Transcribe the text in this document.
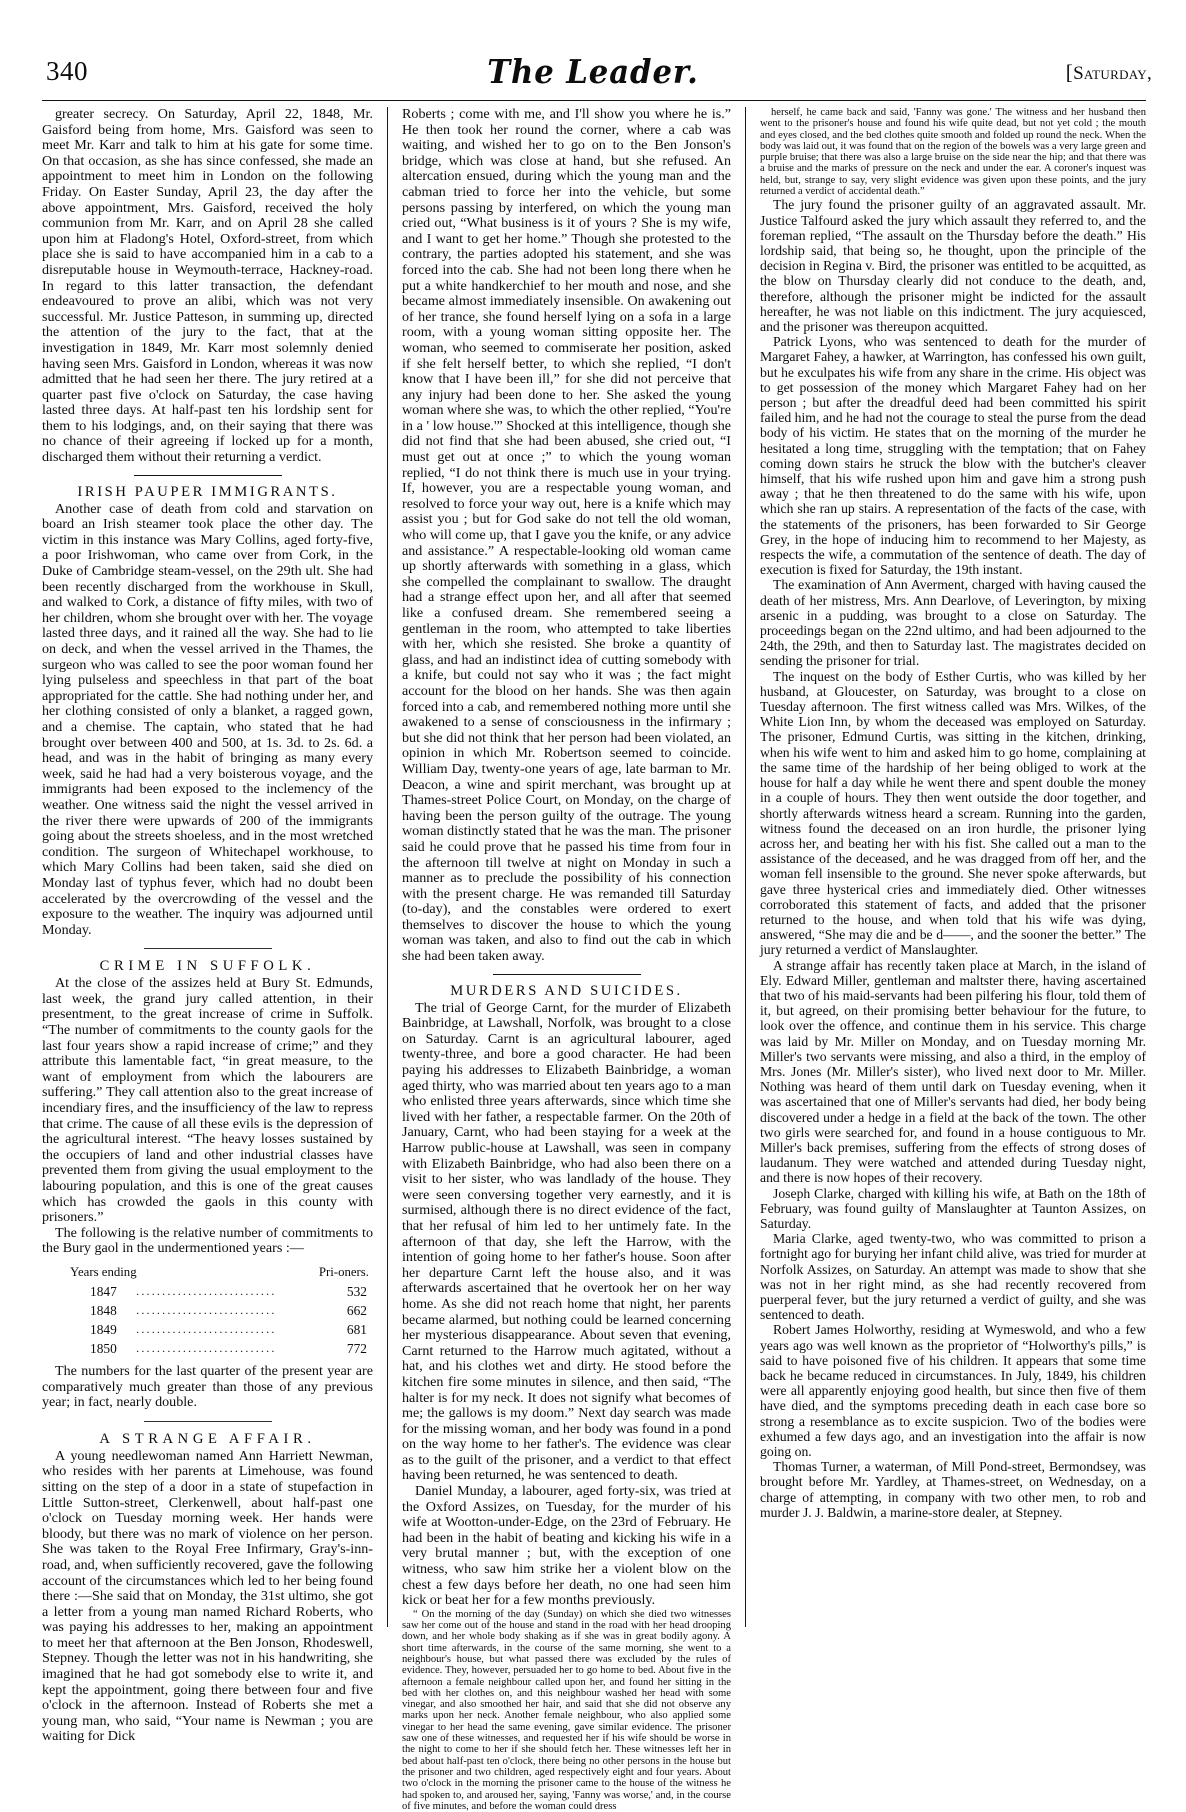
340	The Leader.	[Saturday,

greater secrecy. On Saturday, April 22, 1848, Mr. Gaisford being from home, Mrs. Gaisford was seen to meet Mr. Karr and talk to him at his gate for some time. On that occasion, as she has since confessed, she made an appointment to meet him in London on the following Friday. On Easter Sunday, April 23, the day after the above appointment, Mrs. Gaisford, received the holy communion from Mr. Karr, and on April 28 she called upon him at Fladong's Hotel, Oxford-street, from which place she is said to have accompanied him in a cab to a disreputable house in Weymouth-terrace, Hackney-road. In regard to this latter transaction, the defendant endeavoured to prove an alibi, which was not very successful. Mr. Justice Patteson, in summing up, directed the attention of the jury to the fact, that at the investigation in 1849, Mr. Karr most solemnly denied having seen Mrs. Gaisford in London, whereas it was now admitted that he had seen her there. The jury retired at a quarter past five o'clock on Saturday, the case having lasted three days. At half-past ten his lordship sent for them to his lodgings, and, on their saying that there was no chance of their agreeing if locked up for a month, discharged them without their returning a verdict.

IRISH PAUPER IMMIGRANTS.

Another case of death from cold and starvation on board an Irish steamer took place the other day. The victim in this instance was Mary Collins, aged forty-five, a poor Irishwoman, who came over from Cork, in the Duke of Cambridge steam-vessel, on the 29th ult. She had been recently discharged from the workhouse in Skull, and walked to Cork, a distance of fifty miles, with two of her children, whom she brought over with her. The voyage lasted three days, and it rained all the way. She had to lie on deck, and when the vessel arrived in the Thames, the surgeon who was called to see the poor woman found her lying pulseless and speechless in that part of the boat appropriated for the cattle. She had nothing under her, and her clothing consisted of only a blanket, a ragged gown, and a chemise. The captain, who stated that he had brought over between 400 and 500, at 1s. 3d. to 2s. 6d. a head, and was in the habit of bringing as many every week, said he had had a very boisterous voyage, and the immigrants had been exposed to the inclemency of the weather. One witness said the night the vessel arrived in the river there were upwards of 200 of the immigrants going about the streets shoeless, and in the most wretched condition. The surgeon of Whitechapel workhouse, to which Mary Collins had been taken, said she died on Monday last of typhus fever, which had no doubt been accelerated by the overcrowding of the vessel and the exposure to the weather. The inquiry was adjourned until Monday.

CRIME IN SUFFOLK.

At the close of the assizes held at Bury St. Edmunds, last week, the grand jury called attention, in their presentment, to the great increase of crime in Suffolk. “The number of commitments to the county gaols for the last four years show a rapid increase of crime;” and they attribute this lamentable fact, “in great measure, to the want of employment from which the labourers are suffering.” They call attention also to the great increase of incendiary fires, and the insufficiency of the law to repress that crime. The cause of all these evils is the depression of the agricultural interest. “The heavy losses sustained by the occupiers of land and other industrial classes have prevented them from giving the usual employment to the labouring population, and this is one of the great causes which has crowded the gaols in this county with prisoners.”

The following is the relative number of commitments to the Bury gaol in the undermentioned years :—

Years ending		Pri-oners.
1847	...........................	532
1848	...........................	662
1849	...........................	681
1850	...........................	772

The numbers for the last quarter of the present year are comparatively much greater than those of any previous year; in fact, nearly double.

A STRANGE AFFAIR.

A young needlewoman named Ann Harriett Newman, who resides with her parents at Limehouse, was found sitting on the step of a door in a state of stupefaction in Little Sutton-street, Clerkenwell, about half-past one o'clock on Tuesday morning week. Her hands were bloody, but there was no mark of violence on her person. She was taken to the Royal Free Infirmary, Gray's-inn-road, and, when sufficiently recovered, gave the following account of the circumstances which led to her being found there :—She said that on Monday, the 31st ultimo, she got a letter from a young man named Richard Roberts, who was paying his addresses to her, making an appointment to meet her that afternoon at the Ben Jonson, Rhodeswell, Stepney. Though the letter was not in his handwriting, she imagined that he had got somebody else to write it, and kept the appointment, going there between four and five o'clock in the afternoon. Instead of Roberts she met a young man, who said, “Your name is Newman ; you are waiting for Dick

Roberts ; come with me, and I'll show you where he is.” He then took her round the corner, where a cab was waiting, and wished her to go on to the Ben Jonson's bridge, which was close at hand, but she refused. An altercation ensued, during which the young man and the cabman tried to force her into the vehicle, but some persons passing by interfered, on which the young man cried out, “What business is it of yours ? She is my wife, and I want to get her home.” Though she protested to the contrary, the parties adopted his statement, and she was forced into the cab. She had not been long there when he put a white handkerchief to her mouth and nose, and she became almost immediately insensible. On awakening out of her trance, she found herself lying on a sofa in a large room, with a young woman sitting opposite her. The woman, who seemed to commiserate her position, asked if she felt herself better, to which she replied, “I don't know that I have been ill,” for she did not perceive that any injury had been done to her. She asked the young woman where she was, to which the other replied, “You're in a ' low house.'” Shocked at this intelligence, though she did not find that she had been abused, she cried out, “I must get out at once ;” to which the young woman replied, “I do not think there is much use in your trying. If, however, you are a respectable young woman, and resolved to force your way out, here is a knife which may assist you ; but for God sake do not tell the old woman, who will come up, that I gave you the knife, or any advice and assistance.” A respectable-looking old woman came up shortly afterwards with something in a glass, which she compelled the complainant to swallow. The draught had a strange effect upon her, and all after that seemed like a confused dream. She remembered seeing a gentleman in the room, who attempted to take liberties with her, which she resisted. She broke a quantity of glass, and had an indistinct idea of cutting somebody with a knife, but could not say who it was ; the fact might account for the blood on her hands. She was then again forced into a cab, and remembered nothing more until she awakened to a sense of consciousness in the infirmary ; but she did not think that her person had been violated, an opinion in which Mr. Robertson seemed to coincide. William Day, twenty-one years of age, late barman to Mr. Deacon, a wine and spirit merchant, was brought up at Thames-street Police Court, on Monday, on the charge of having been the person guilty of the outrage. The young woman distinctly stated that he was the man. The prisoner said he could prove that he passed his time from four in the afternoon till twelve at night on Monday in such a manner as to preclude the possibility of his connection with the present charge. He was remanded till Saturday (to-day), and the constables were ordered to exert themselves to discover the house to which the young woman was taken, and also to find out the cab in which she had been taken away.

MURDERS AND SUICIDES.

The trial of George Carnt, for the murder of Elizabeth Bainbridge, at Lawshall, Norfolk, was brought to a close on Saturday. Carnt is an agricultural labourer, aged twenty-three, and bore a good character. He had been paying his addresses to Elizabeth Bainbridge, a woman aged thirty, who was married about ten years ago to a man who enlisted three years afterwards, since which time she lived with her father, a respectable farmer. On the 20th of January, Carnt, who had been staying for a week at the Harrow public-house at Lawshall, was seen in company with Elizabeth Bainbridge, who had also been there on a visit to her sister, who was landlady of the house. They were seen conversing together very earnestly, and it is surmised, although there is no direct evidence of the fact, that her refusal of him led to her untimely fate. In the afternoon of that day, she left the Harrow, with the intention of going home to her father's house. Soon after her departure Carnt left the house also, and it was afterwards ascertained that he overtook her on her way home. As she did not reach home that night, her parents became alarmed, but nothing could be learned concerning her mysterious disappearance. About seven that evening, Carnt returned to the Harrow much agitated, without a hat, and his clothes wet and dirty. He stood before the kitchen fire some minutes in silence, and then said, “The halter is for my neck. It does not signify what becomes of me; the gallows is my doom.” Next day search was made for the missing woman, and her body was found in a pond on the way home to her father's. The evidence was clear as to the guilt of the prisoner, and a verdict to that effect having been returned, he was sentenced to death.

Daniel Munday, a labourer, aged forty-six, was tried at the Oxford Assizes, on Tuesday, for the murder of his wife at Wootton-under-Edge, on the 23rd of February. He had been in the habit of beating and kicking his wife in a very brutal manner ; but, with the exception of one witness, who saw him strike her a violent blow on the chest a few days before her death, no one had seen him kick or beat her for a few months previously.

“ On the morning of the day (Sunday) on which she died two witnesses saw her come out of the house and stand in the road with her head drooping down, and her whole body shaking as if she was in great bodily agony. A short time afterwards, in the course of the same morning, she went to a neighbour's house, but what passed there was excluded by the rules of evidence. They, however, persuaded her to go home to bed. About five in the afternoon a female neighbour called upon her, and found her sitting in the bed with her clothes on, and this neighbour washed her head with some vinegar, and also smoothed her hair, and said that she did not observe any marks upon her neck. Another female neighbour, who also applied some vinegar to her head the same evening, gave similar evidence. The prisoner saw one of these witnesses, and requested her if his wife should be worse in the night to come to her if she should fetch her. These witnesses left her in bed about half-past ten o'clock, there being no other persons in the house but the prisoner and two children, aged respectively eight and four years. About two o'clock in the morning the prisoner came to the house of the witness he had spoken to, and aroused her, saying, 'Fanny was worse,' and, in the course of five minutes, and before the woman could dress

herself, he came back and said, 'Fanny was gone.' The witness and her husband then went to the prisoner's house and found his wife quite dead, but not yet cold ; the mouth and eyes closed, and the bed clothes quite smooth and folded up round the neck. When the body was laid out, it was found that on the region of the bowels was a very large green and purple bruise; that there was also a large bruise on the side near the hip; and that there was a bruise and the marks of pressure on the neck and under the ear. A coroner's inquest was held, but, strange to say, very slight evidence was given upon these points, and the jury returned a verdict of accidental death.”

The jury found the prisoner guilty of an aggravated assault. Mr. Justice Talfourd asked the jury which assault they referred to, and the foreman replied, “The assault on the Thursday before the death.” His lordship said, that being so, he thought, upon the principle of the decision in Regina v. Bird, the prisoner was entitled to be acquitted, as the blow on Thursday clearly did not conduce to the death, and, therefore, although the prisoner might be indicted for the assault hereafter, he was not liable on this indictment. The jury acquiesced, and the prisoner was thereupon acquitted.

Patrick Lyons, who was sentenced to death for the murder of Margaret Fahey, a hawker, at Warrington, has confessed his own guilt, but he exculpates his wife from any share in the crime. His object was to get possession of the money which Margaret Fahey had on her person ; but after the dreadful deed had been committed his spirit failed him, and he had not the courage to steal the purse from the dead body of his victim. He states that on the morning of the murder he hesitated a long time, struggling with the temptation; that on Fahey coming down stairs he struck the blow with the butcher's cleaver himself, that his wife rushed upon him and gave him a strong push away ; that he then threatened to do the same with his wife, upon which she ran up stairs. A representation of the facts of the case, with the statements of the prisoners, has been forwarded to Sir George Grey, in the hope of inducing him to recommend to her Majesty, as respects the wife, a commutation of the sentence of death. The day of execution is fixed for Saturday, the 19th instant.

The examination of Ann Averment, charged with having caused the death of her mistress, Mrs. Ann Dearlove, of Leverington, by mixing arsenic in a pudding, was brought to a close on Saturday. The proceedings began on the 22nd ultimo, and had been adjourned to the 24th, the 29th, and then to Saturday last. The magistrates decided on sending the prisoner for trial.

The inquest on the body of Esther Curtis, who was killed by her husband, at Gloucester, on Saturday, was brought to a close on Tuesday afternoon. The first witness called was Mrs. Wilkes, of the White Lion Inn, by whom the deceased was employed on Saturday. The prisoner, Edmund Curtis, was sitting in the kitchen, drinking, when his wife went to him and asked him to go home, complaining at the same time of the hardship of her being obliged to work at the house for half a day while he went there and spent double the money in a couple of hours. They then went outside the door together, and shortly afterwards witness heard a scream. Running into the garden, witness found the deceased on an iron hurdle, the prisoner lying across her, and beating her with his fist. She called out a man to the assistance of the deceased, and he was dragged from off her, and the woman fell insensible to the ground. She never spoke afterwards, but gave three hysterical cries and immediately died. Other witnesses corroborated this statement of facts, and added that the prisoner returned to the house, and when told that his wife was dying, answered, “She may die and be d——, and the sooner the better.” The jury returned a verdict of Manslaughter.

A strange affair has recently taken place at March, in the island of Ely. Edward Miller, gentleman and maltster there, having ascertained that two of his maid-servants had been pilfering his flour, told them of it, but agreed, on their promising better behaviour for the future, to look over the offence, and continue them in his service. This charge was laid by Mr. Miller on Monday, and on Tuesday morning Mr. Miller's two servants were missing, and also a third, in the employ of Mrs. Jones (Mr. Miller's sister), who lived next door to Mr. Miller. Nothing was heard of them until dark on Tuesday evening, when it was ascertained that one of Miller's servants had died, her body being discovered under a hedge in a field at the back of the town. The other two girls were searched for, and found in a house contiguous to Mr. Miller's back premises, suffering from the effects of strong doses of laudanum. They were watched and attended during Tuesday night, and there is now hopes of their recovery.

Joseph Clarke, charged with killing his wife, at Bath on the 18th of February, was found guilty of Manslaughter at Taunton Assizes, on Saturday.

Maria Clarke, aged twenty-two, who was committed to prison a fortnight ago for burying her infant child alive, was tried for murder at Norfolk Assizes, on Saturday. An attempt was made to show that she was not in her right mind, as she had recently recovered from puerperal fever, but the jury returned a verdict of guilty, and she was sentenced to death.

Robert James Holworthy, residing at Wymeswold, and who a few years ago was well known as the proprietor of “Holworthy's pills,” is said to have poisoned five of his children. It appears that some time back he became reduced in circumstances. In July, 1849, his children were all apparently enjoying good health, but since then five of them have died, and the symptoms preceding death in each case bore so strong a resemblance as to excite suspicion. Two of the bodies were exhumed a few days ago, and an investigation into the affair is now going on.

Thomas Turner, a waterman, of Mill Pond-street, Bermondsey, was brought before Mr. Yardley, at Thames-street, on Wednesday, on a charge of attempting, in company with two other men, to rob and murder J. J. Baldwin, a marine-store dealer, at Stepney.
